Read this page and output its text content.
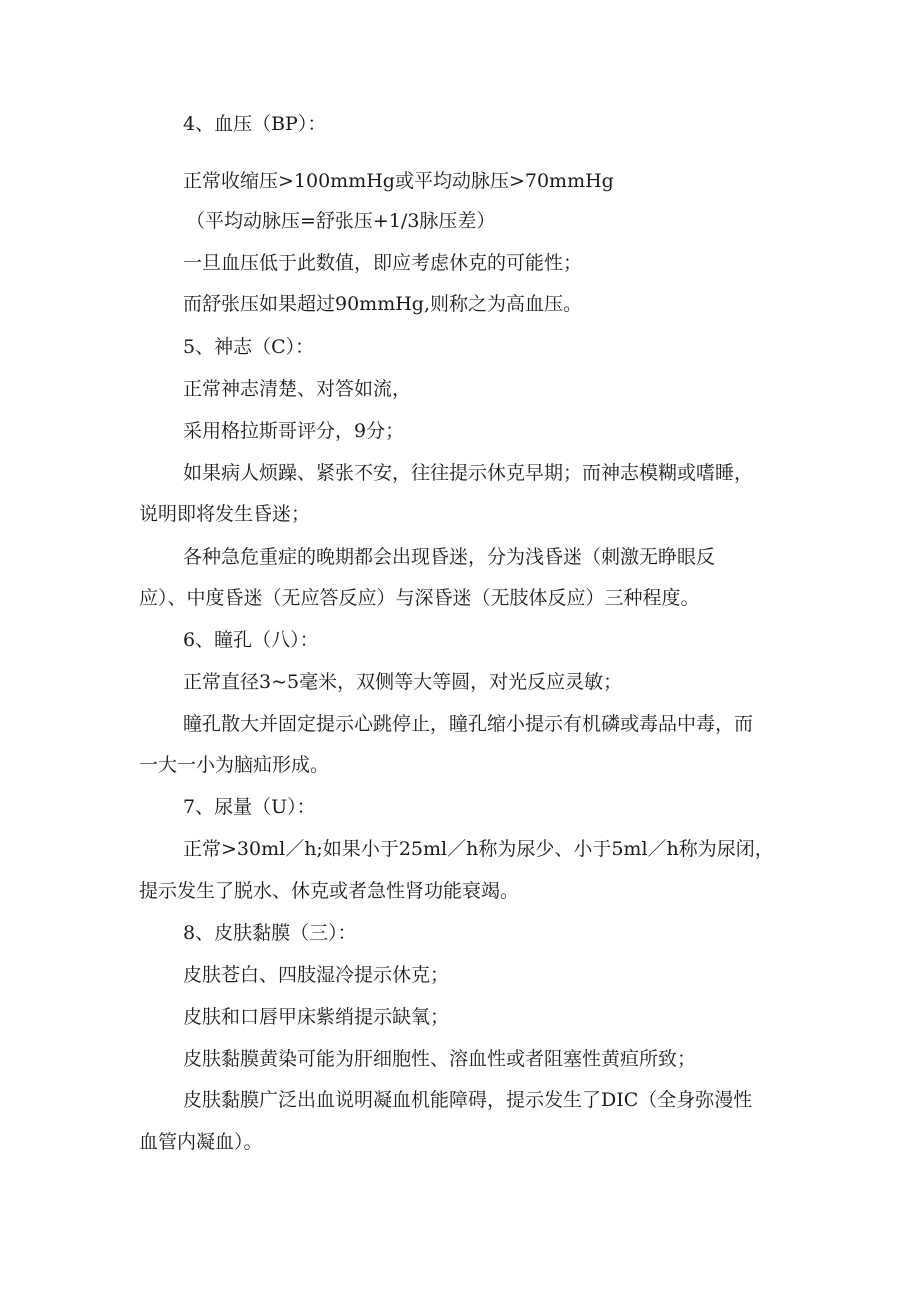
4、血压（BP）：
正常收缩压>100mmHg或平均动脉压>70mmHg
（平均动脉压=舒张压+1/3脉压差）
一旦血压低于此数值，即应考虑休克的可能性；
而舒张压如果超过90mmHg,则称之为高血压。
5、神志（C）：
正常神志清楚、对答如流，
采用格拉斯哥评分，9分；
如果病人烦躁、紧张不安，往往提示休克早期；而神志模糊或嗜睡，
说明即将发生昏迷；
各种急危重症的晚期都会出现昏迷，分为浅昏迷（刺激无睁眼反
应）、中度昏迷（无应答反应）与深昏迷（无肢体反应）三种程度。
6、瞳孔（八）：
正常直径3~5毫米，双侧等大等圆，对光反应灵敏；
瞳孔散大并固定提示心跳停止，瞳孔缩小提示有机磷或毒品中毒，而
一大一小为脑疝形成。
7、尿量（U）：
正常>30ml／h;如果小于25ml／h称为尿少、小于5ml／h称为尿闭，
提示发生了脱水、休克或者急性肾功能衰竭。
8、皮肤黏膜（三）：
皮肤苍白、四肢湿冷提示休克；
皮肤和口唇甲床紫绡提示缺氧；
皮肤黏膜黄染可能为肝细胞性、溶血性或者阻塞性黄疸所致；
皮肤黏膜广泛出血说明凝血机能障碍，提示发生了DIC（全身弥漫性
血管内凝血）。
